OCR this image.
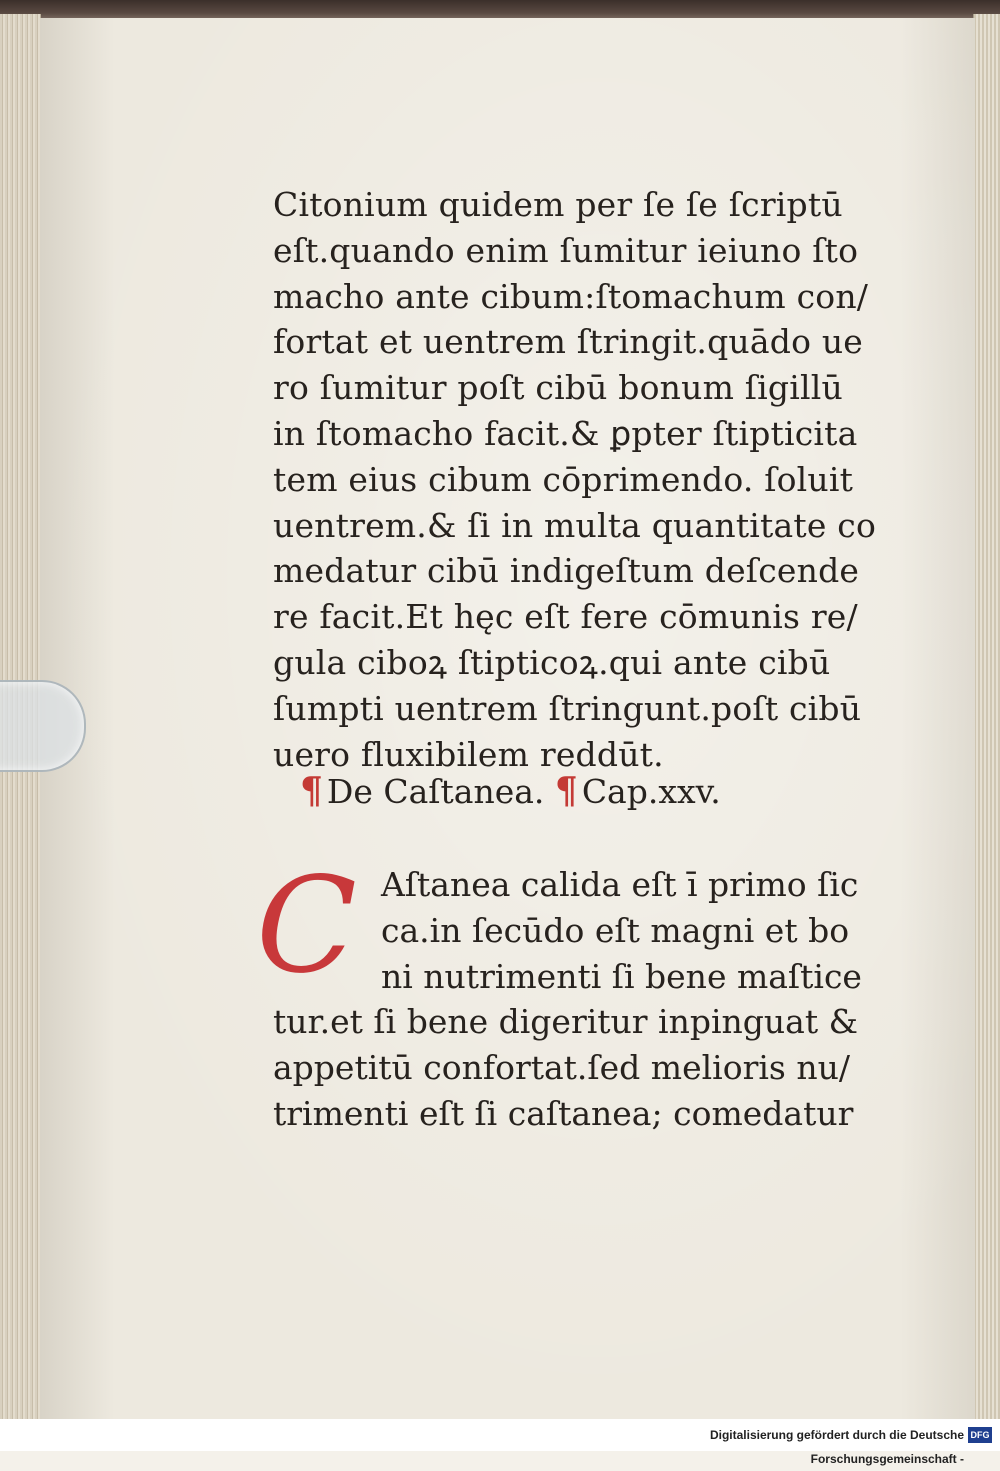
Citonium quidem per ſe ſe ſcriptū
eſt.quando enim ſumitur ieiuno ſto
macho ante cibum:ſtomachum con/
fortat et uentrem ſtringit.quādo ue
ro ſumitur poſt cibū bonum ſigillū
in ſtomacho facit.& ꝑpter ſtipticita
tem eius cibum cōprimendo. ſoluit
uentrem.& ſi in multa quantitate co
medatur cibū indigeſtum deſcende
re facit.Et hęc eſt fere cōmunis re/
gula ciboꝝ ſtipticoꝝ.qui ante cibū
ſumpti uentrem ſtringunt.poſt cibū
uero fluxibilem reddūt.
¶ De Caſtanea. ¶ Cap.xxv.
C Aſtanea calida eſt ī primo ſic
ca.in ſecūdo eſt magni et bo
ni nutrimenti ſi bene maſtice
tur.et ſi bene digeritur inpinguat &
appetitū confortat.ſed melioris nu/
trimenti eſt ſi caſtanea; comedatur
Digitalisierung gefördert durch die Deutsche Forschungsgemeinschaft -
DFG
